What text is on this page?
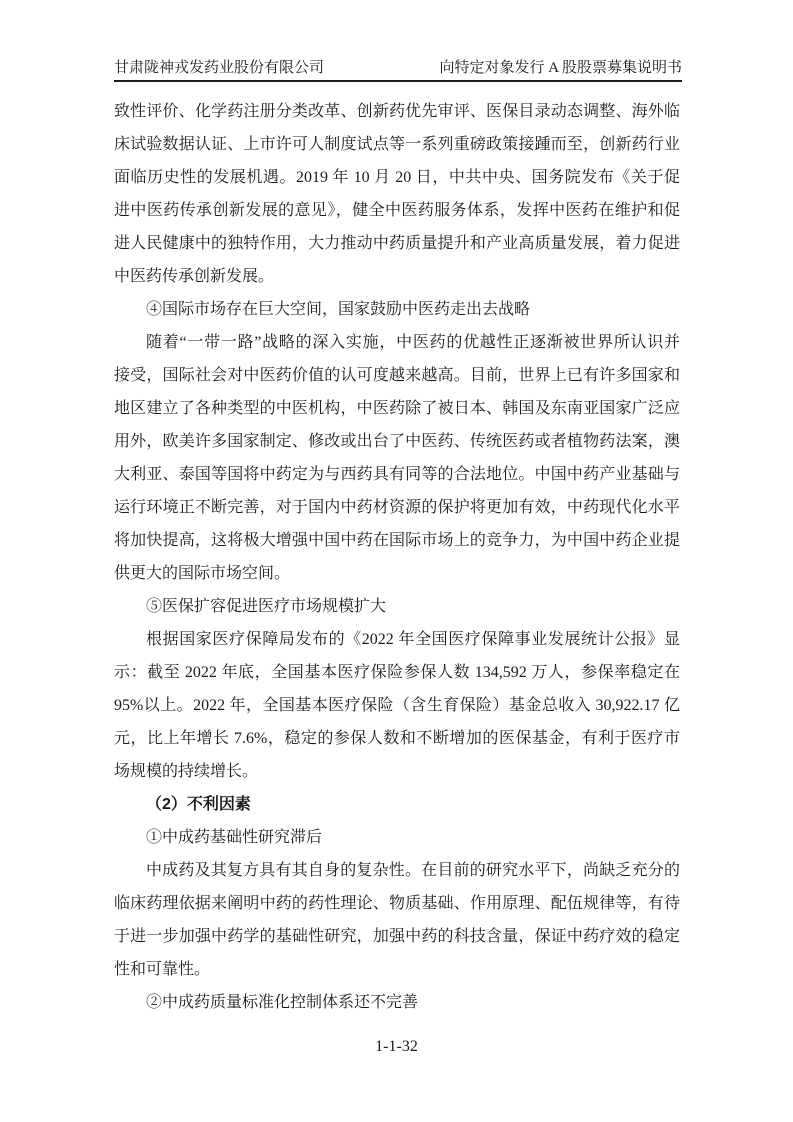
甘肃陇神戎发药业股份有限公司	向特定对象发行 A 股股票募集说明书
致性评价、化学药注册分类改革、创新药优先审评、医保目录动态调整、海外临
床试验数据认证、上市许可人制度试点等一系列重磅政策接踵而至，创新药行业
面临历史性的发展机遇。2019 年 10 月 20 日，中共中央、国务院发布《关于促
进中医药传承创新发展的意见》，健全中医药服务体系，发挥中医药在维护和促
进人民健康中的独特作用，大力推动中药质量提升和产业高质量发展，着力促进
中医药传承创新发展。
④国际市场存在巨大空间，国家鼓励中医药走出去战略
随着“一带一路”战略的深入实施，中医药的优越性正逐渐被世界所认识并
接受，国际社会对中医药价值的认可度越来越高。目前，世界上已有许多国家和
地区建立了各种类型的中医机构，中医药除了被日本、韩国及东南亚国家广泛应
用外，欧美许多国家制定、修改或出台了中医药、传统医药或者植物药法案，澳
大利亚、泰国等国将中药定为与西药具有同等的合法地位。中国中药产业基础与
运行环境正不断完善，对于国内中药材资源的保护将更加有效，中药现代化水平
将加快提高，这将极大增强中国中药在国际市场上的竞争力，为中国中药企业提
供更大的国际市场空间。
⑤医保扩容促进医疗市场规模扩大
根据国家医疗保障局发布的《2022 年全国医疗保障事业发展统计公报》显
示：截至 2022 年底，全国基本医疗保险参保人数 134,592 万人，参保率稳定在
95%以上。2022 年，全国基本医疗保险（含生育保险）基金总收入 30,922.17 亿
元，比上年增长 7.6%，稳定的参保人数和不断增加的医保基金，有利于医疗市
场规模的持续增长。
（2）不利因素
①中成药基础性研究滞后
中成药及其复方具有其自身的复杂性。在目前的研究水平下，尚缺乏充分的
临床药理依据来阐明中药的药性理论、物质基础、作用原理、配伍规律等，有待
于进一步加强中药学的基础性研究，加强中药的科技含量，保证中药疗效的稳定
性和可靠性。
②中成药质量标准化控制体系还不完善
1-1-32
